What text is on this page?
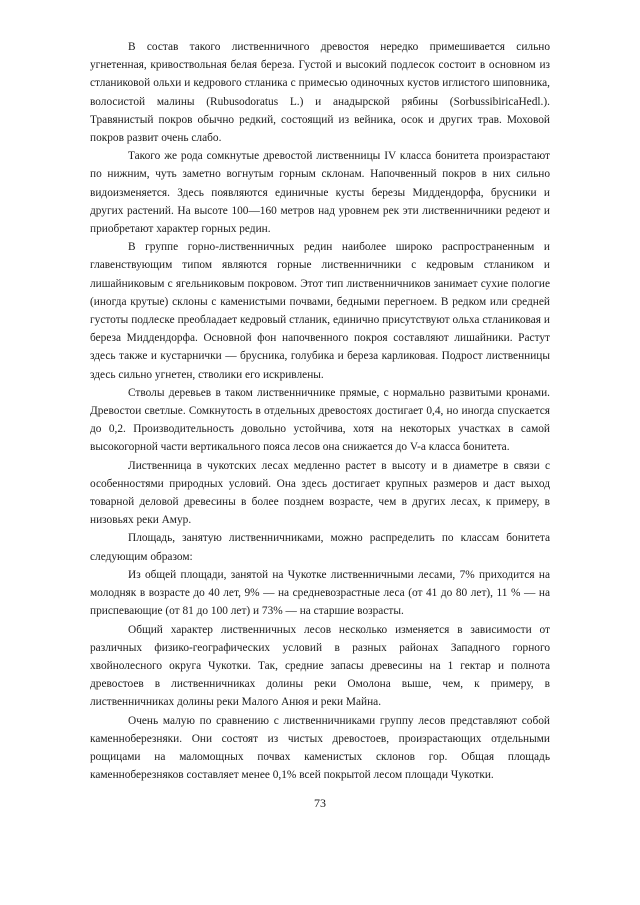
В состав такого лиственничного древостоя нередко примешивается сильно угнетенная, кривоствольная белая береза. Густой и высокий подлесок состоит в основном из стланиковой ольхи и кедрового стланика с примесью одиночных кустов иглистого шиповника, волосистой малины (Rubusodoratus L.) и анадырской рябины (SorbussibiricaHedl.). Травянистый покров обычно редкий, состоящий из вейника, осок и других трав. Моховой покров развит очень слабо.

Такого же рода сомкнутые древостой лиственницы IV класса бонитета произрастают по нижним, чуть заметно вогнутым горным склонам. Напочвенный покров в них сильно видоизменяется. Здесь появляются единичные кусты березы Миддендорфа, брусники и других растений. На высоте 100—160 метров над уровнем рек эти лиственничники редеют и приобретают характер горных редин.

В группе горно-лиственничных редин наиболее широко распространенным и главенствующим типом являются горные лиственничники с кедровым стлаником и лишайниковым с ягельниковым покровом. Этот тип лиственничников занимает сухие пологие (иногда крутые) склоны с каменистыми почвами, бедными перегноем. В редком или средней густоты подлеске преобладает кедровый стланик, единично присутствуют ольха стланиковая и береза Миддендорфа. Основной фон напочвенного покроя составляют лишайники. Растут здесь также и кустарнички — брусника, голубика и береза карликовая. Подрост лиственницы здесь сильно угнетен, стволики его искривлены.

Стволы деревьев в таком лиственничнике прямые, с нормально развитыми кронами. Древостои светлые. Сомкнутость в отдельных древостоях достигает 0,4, но иногда спускается до 0,2. Производительность довольно устойчива, хотя на некоторых участках в самой высокогорной части вертикального пояса лесов она снижается до V-а класса бонитета.

Лиственница в чукотских лесах медленно растет в высоту и в диаметре в связи с особенностями природных условий. Она здесь достигает крупных размеров и даст выход товарной деловой древесины в более позднем возрасте, чем в других лесах, к примеру, в низовьях реки Амур.

Площадь, занятую лиственничниками, можно распределить по классам бонитета следующим образом:

Из общей площади, занятой на Чукотке лиственничными лесами, 7% приходится на молодняк в возрасте до 40 лет, 9% — на средневозрастные леса (от 41 до 80 лет), 11 % — на приспевающие (от 81 до 100 лет) и 73% — на старшие возрасты.

Общий характер лиственничных лесов несколько изменяется в зависимости от различных физико-географических условий в разных районах Западного горного хвойнолесного округа Чукотки. Так, средние запасы древесины на 1 гектар и полнота древостоев в лиственничниках долины реки Омолона выше, чем, к примеру, в лиственничниках долины реки Малого Анюя и реки Майна.

Очень малую по сравнению с лиственничниками группу лесов представляют собой каменноберезняки. Они состоят из чистых древостоев, произрастающих отдельными рощицами на маломощных почвах каменистых склонов гор. Общая площадь каменноберезняков составляет менее 0,1% всей покрытой лесом площади Чукотки.

73
